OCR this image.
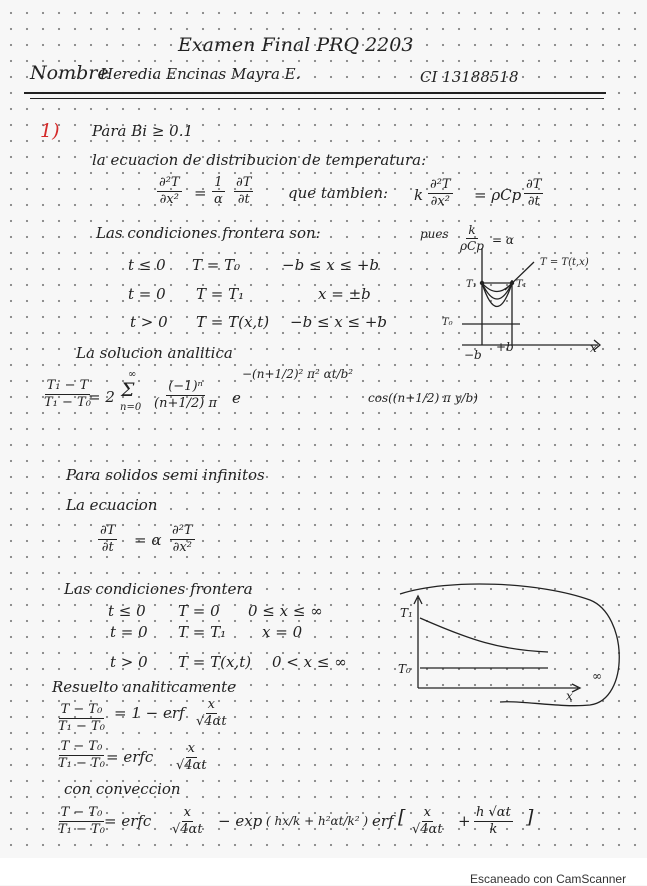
Examen Final PRQ 2203
Nombre
Heredia Encinas Mayra E.	CI 13188518
1) Para Bi ≥ 0.1
la ecuacion de distribucion de temperatura:
$\frac{\text{∂²T}}{\text{∂x²}} = \frac{1}{\alpha} \frac{\partial T}{\partial t}$ que tambien: k $\frac{\text{∂²T}}{\text{∂x²}} = \rho Cp \frac{\partial T}{\partial t}$
pues k
ρCp = α
Las condiciones frontera son:
t ≤ 0 T = T₀	−b ≤ x ≤ +b
t = 0 T = T₁	x = ±b
t > 0 T = T(x,t) −b ≤ x ≤ +b
T = T(t,x)
T₁	T₁
T₀
−b
+b	x
La solucion analitica
$\frac{\text{T₁ − T}}{\text{T₁ − T₀}}$
= 2
∞
Σ
$n=0 \frac{\text{(−1)ⁿ}}{(n+1/2) \pi}$ e
−(n+1/2)² π² αt/b²
cos((n+1/2) π y/b)
Para solidos semi infinitos
La ecuacion
$\frac{\partial T}{\partial t} = \alpha \frac{\text{∂²T}}{\text{∂x²}}$
Las condiciones frontera
t ≤ 0 T = 0 0 ≤ x ≤ ∞
t = 0 T = T₁ x = 0
t > 0 T = T(x,t) 0 < x ≤ ∞
T₁
T₀
x
∞
Resuelto analiticamente
$\frac{\text{T − T₀}}{\text{T₁ − T₀}} = 1$ − erf $\frac{x}{√4\alpha t}$
$\frac{\text{T − T₀}}{\text{T₁ − T₀}}$ = erfc $\frac{x}{√4\alpha t}$
con conveccion
$\frac{\text{T − T₀}}{\text{T₁ − T₀}}$
= erfc $\frac{x}{√4\alpha t} - \exp$ ( hx/k + h²αt/k² ) erf [ $\frac{x}{√4\alpha t} + \frac{h √\alpha t}{k}$ ]
Escaneado con CamScanner
